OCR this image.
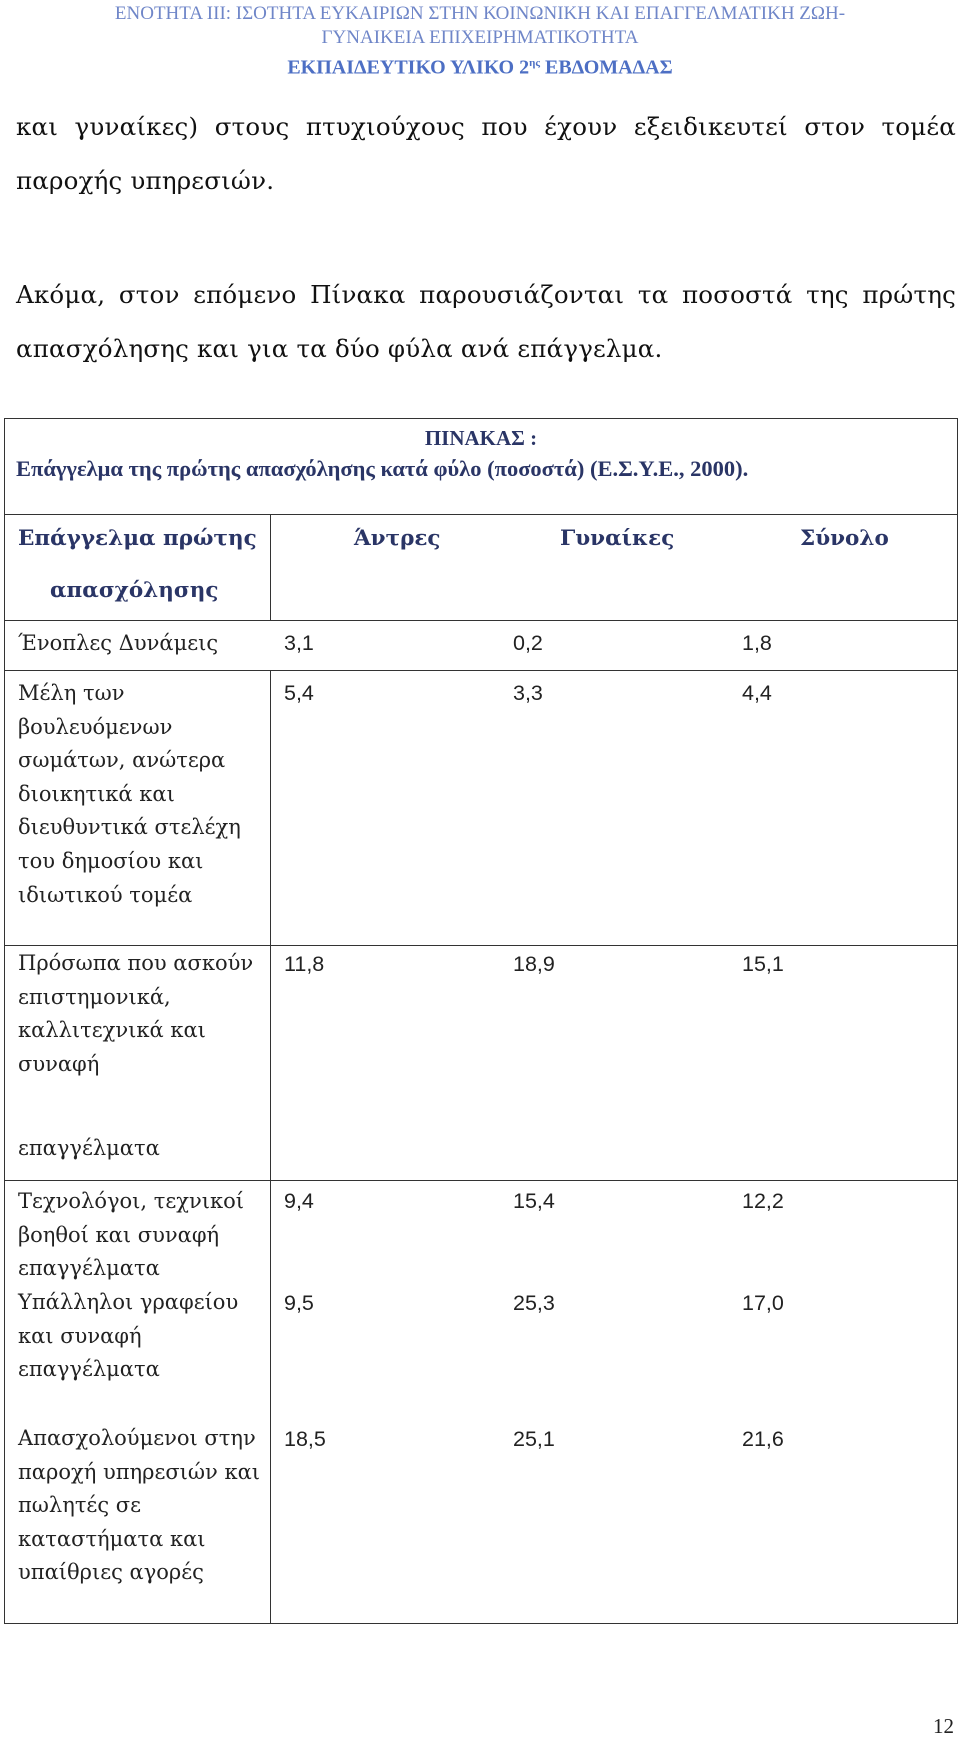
ΕΝΟΤΗΤΑ ΙΙΙ: ΙΣΟΤΗΤΑ ΕΥΚΑΙΡΙΩΝ ΣΤΗΝ ΚΟΙΝΩΝΙΚΗ ΚΑΙ ΕΠΑΓΓΕΛΜΑΤΙΚΗ ΖΩΗ-
ΓΥΝΑΙΚΕΙΑ ΕΠΙΧΕΙΡΗΜΑΤΙΚΟΤΗΤΑ
ΕΚΠΑΙΔΕΥΤΙΚΟ ΥΛΙΚΟ $2^{\eta\varsigma}$ ΕΒΔΟΜΑΔΑΣ
και γυναίκες) στους πτυχιούχους που έχουν εξειδικευτεί στον τομέα παροχής υπηρεσιών.
Ακόμα, στον επόμενο Πίνακα παρουσιάζονται τα ποσοστά της πρώτης απασχόλησης και για τα δύο φύλα ανά επάγγελμα.
ΠΙΝΑΚΑΣ :
Επάγγελμα της πρώτης απασχόλησης κατά φύλο (ποσοστά) (Ε.Σ.Υ.Ε., 2000).
Επάγγελμα πρώτης
απασχόλησης
Άντρες	Γυναίκες	Σύνολο
Ένοπλες Δυνάμεις	3,1	0,2	1,8
Μέλη των βουλευόμενων σωμάτων, ανώτερα διοικητικά και διευθυντικά στελέχη του δημοσίου και ιδιωτικού τομέα
5,4	3,3	4,4
Πρόσωπα που ασκούν επιστημονικά, καλλιτεχνικά και συναφή
επαγγέλματα
11,8	18,9	15,1
Τεχνολόγοι, τεχνικοί βοηθοί και συναφή επαγγέλματα
9,4	15,4	12,2
Υπάλληλοι γραφείου και συναφή επαγγέλματα
9,5	25,3	17,0
Απασχολούμενοι στην παροχή υπηρεσιών και πωλητές σε καταστήματα και υπαίθριες αγορές
18,5	25,1	21,6
12
